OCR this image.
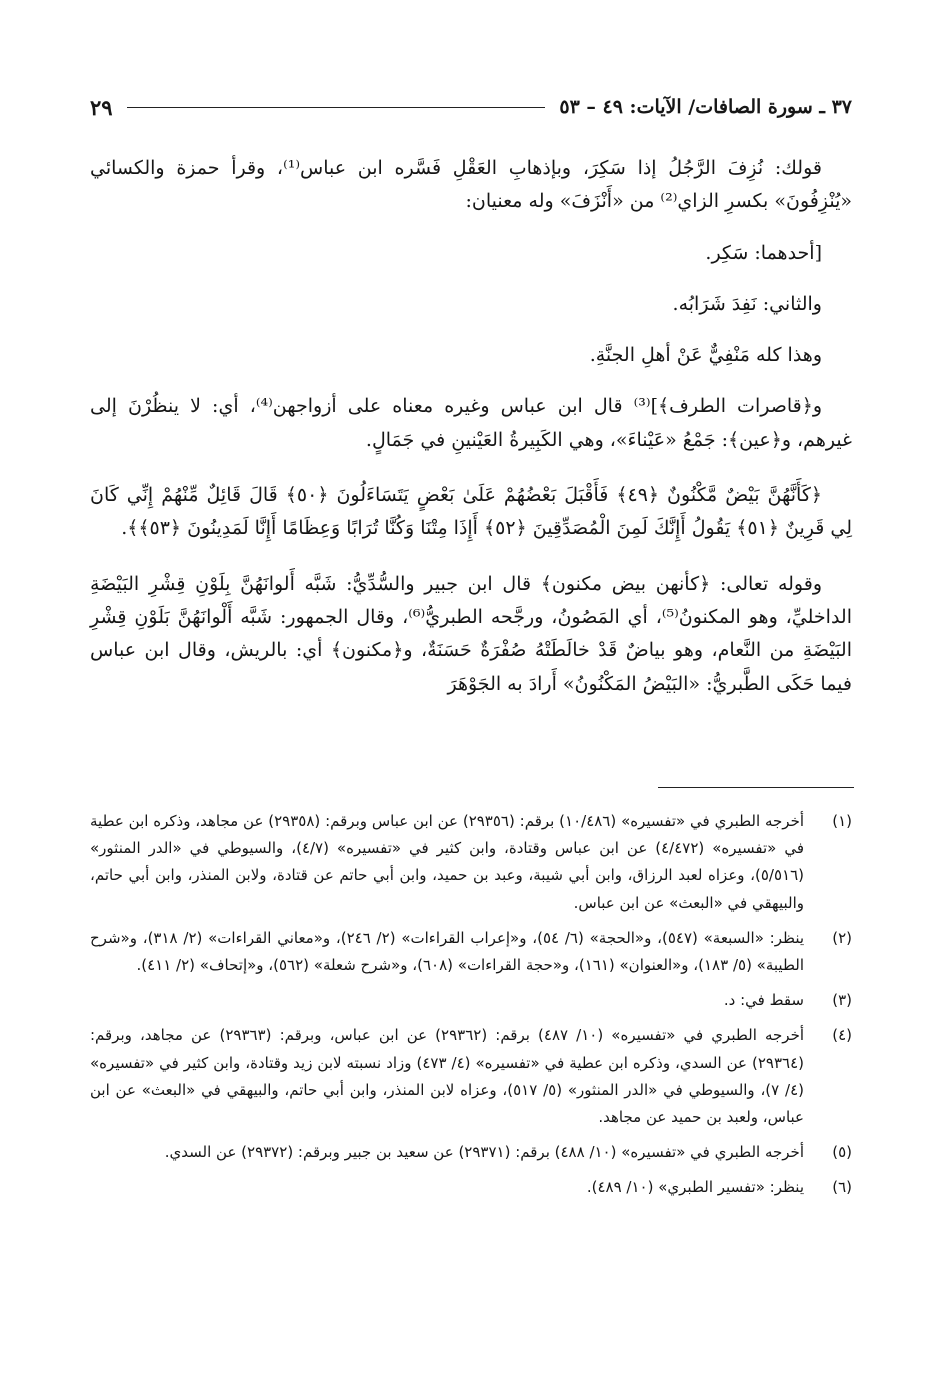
٣٧ ـ سورة الصافات/ الآيات: ٤٩ – ٥٣
٢٩

قولك: نُزِفَ الرَّجُلُ إذا سَكِرَ، وبإذهابِ العَقْلِ فَسَّره ابن عباس⁽¹⁾، وقرأ حمزة والكسائي «يُنْزِفُونَ» بكسرِ الزاي⁽²⁾ من «أَنْزَفَ» وله معنيان:

[أحدهما: سَكِر.

والثاني: نَفِدَ شَرَابُه.

وهذا كله مَنْفِيٌّ عَنْ أهلِ الجنَّةِ.

و﴿قاصرات الطرف﴾]⁽³⁾ قال ابن عباس وغيره معناه على أزواجهن⁽⁴⁾، أي: لا ينظُرْنَ إلى غيرهم، و﴿عين﴾: جَمْعُ «عَيْناءَ»، وهي الكَبِيرةُ العَيْنينِ في جَمَالٍ.

﴿كَأَنَّهُنَّ بَيْضٌ مَّكْنُونٌ ﴿٤٩﴾ فَأَقْبَلَ بَعْضُهُمْ عَلَىٰ بَعْضٍ يَتَسَاءَلُونَ ﴿٥٠﴾ قَالَ قَائِلٌ مِّنْهُمْ إِنِّي كَانَ لِي قَرِينٌ ﴿٥١﴾ يَقُولُ أَإِنَّكَ لَمِنَ الْمُصَدِّقِينَ ﴿٥٢﴾ أَإِذَا مِتْنَا وَكُنَّا تُرَابًا وَعِظَامًا أَإِنَّا لَمَدِينُونَ ﴿٥٣﴾﴾.

وقوله تعالى: ﴿كأنهن بيض مكنون﴾ قال ابن جبير والسُّدِّيُّ: شَبَّه أَلوانَهُنَّ بِلَوْنِ قِشْرِ البَيْضَةِ الداخليِّ، وهو المكنونُ⁽⁵⁾، أي المَصُونُ، ورجَّحه الطبريُّ⁽⁶⁾، وقال الجمهور: شَبَّه أَلْوانَهُنَّ بَلَوْنِ قِشْرِ البَيْضَةِ من النَّعام، وهو بياضٌ قَدْ خالَطَتْهُ صُفْرَةٌ حَسَنَةٌ، و﴿مكنون﴾ أي: بالريش، وقال ابن عباس فيما حَكَى الطَّبريُّ: «البَيْضُ المَكْنُونُ» أَرادَ به الجَوْهَرَ

(١)
أخرجه الطبري في «تفسيره» (١٠/٤٨٦) برقم: (٢٩٣٥٦) عن ابن عباس وبرقم: (٢٩٣٥٨) عن مجاهد، وذكره ابن عطية في «تفسيره» (٤/٤٧٢) عن ابن عباس وقتادة، وابن كثير في «تفسيره» (٤/٧)، والسيوطي في «الدر المنثور» (٥/٥١٦)، وعزاه لعبد الرزاق، وابن أبي شيبة، وعبد بن حميد، وابن أبي حاتم عن قتادة، ولابن المنذر، وابن أبي حاتم، والبيهقي في «البعث» عن ابن عباس.
(٢)
ينظر: «السبعة» (٥٤٧)، و«الحجة» (٦/ ٥٤)، و«إعراب القراءات» (٢/ ٢٤٦)، و«معاني القراءات» (٢/ ٣١٨)، و«شرح الطيبة» (٥/ ١٨٣)، و«العنوان» (١٦١)، و«حجة القراءات» (٦٠٨)، و«شرح شعلة» (٥٦٢)، و«إتحاف» (٢/ ٤١١).
(٣)
سقط في: د.
(٤)
أخرجه الطبري في «تفسيره» (١٠/ ٤٨٧) برقم: (٢٩٣٦٢) عن ابن عباس، وبرقم: (٢٩٣٦٣) عن مجاهد، وبرقم: (٢٩٣٦٤) عن السدي، وذكره ابن عطية في «تفسيره» (٤/ ٤٧٣) وزاد نسبته لابن زيد وقتادة، وابن كثير في «تفسيره» (٤/ ٧)، والسيوطي في «الدر المنثور» (٥/ ٥١٧)، وعزاه لابن المنذر، وابن أبي حاتم، والبيهقي في «البعث» عن ابن عباس، ولعبد بن حميد عن مجاهد.
(٥)
أخرجه الطبري في «تفسيره» (١٠/ ٤٨٨) برقم: (٢٩٣٧١) عن سعيد بن جبير وبرقم: (٢٩٣٧٢) عن السدي.
(٦)
ينظر: «تفسير الطبري» (١٠/ ٤٨٩).
